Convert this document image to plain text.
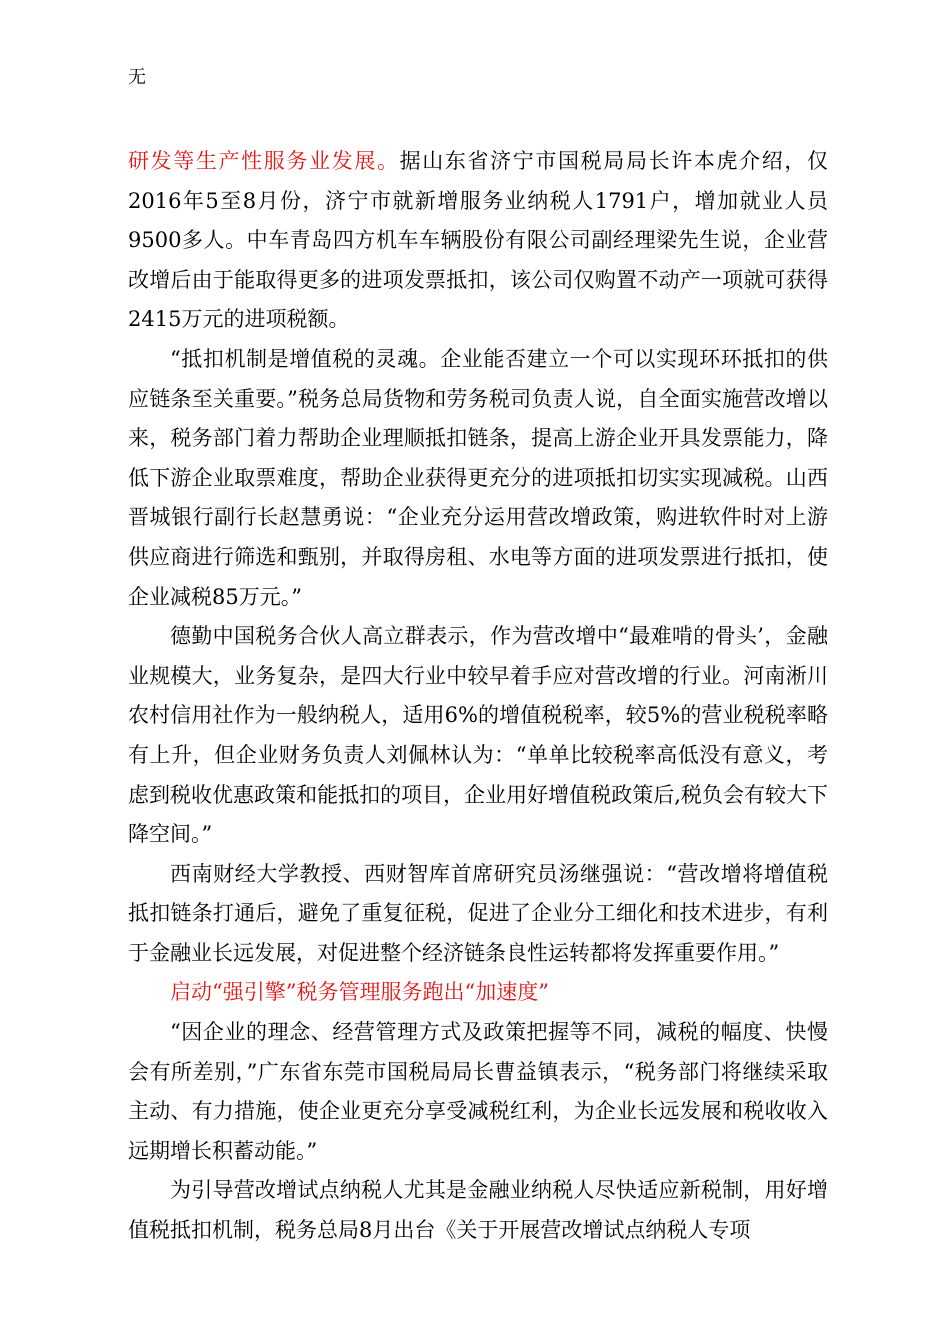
无

研发等生产性服务业发展。据山东省济宁市国税局局长许本虎介绍，仅2016年5至8月份，济宁市就新增服务业纳税人1791户，增加就业人员9500多人。中车青岛四方机车车辆股份有限公司副经理梁先生说，企业营改增后由于能取得更多的进项发票抵扣，该公司仅购置不动产一项就可获得2415万元的进项税额。

“抵扣机制是增值税的灵魂。企业能否建立一个可以实现环环抵扣的供应链条至关重要。”税务总局货物和劳务税司负责人说，自全面实施营改增以来，税务部门着力帮助企业理顺抵扣链条，提高上游企业开具发票能力，降低下游企业取票难度，帮助企业获得更充分的进项抵扣切实实现减税。山西晋城银行副行长赵慧勇说：“企业充分运用营改增政策，购进软件时对上游供应商进行筛选和甄别，并取得房租、水电等方面的进项发票进行抵扣，使企业减税85万元。”

德勤中国税务合伙人高立群表示，作为营改增中“最难啃的骨头’，金融业规模大，业务复杂，是四大行业中较早着手应对营改增的行业。河南淅川农村信用社作为一般纳税人，适用6%的增值税税率，较5%的营业税税率略有上升，但企业财务负责人刘佩林认为：“单单比较税率高低没有意义，考虑到税收优惠政策和能抵扣的项目，企业用好增值税政策后,税负会有较大下降空间。”

西南财经大学教授、西财智库首席研究员汤继强说：“营改增将增值税抵扣链条打通后，避免了重复征税，促进了企业分工细化和技术进步，有利于金融业长远发展，对促进整个经济链条良性运转都将发挥重要作用。”

启动“强引擎”税务管理服务跑出“加速度”

“因企业的理念、经营管理方式及政策把握等不同，减税的幅度、快慢会有所差别，”广东省东莞市国税局局长曹益镇表示，“税务部门将继续采取主动、有力措施，使企业更充分享受减税红利，为企业长远发展和税收收入远期增长积蓄动能。”

为引导营改增试点纳税人尤其是金融业纳税人尽快适应新税制，用好增值税抵扣机制，税务总局8月出台《关于开展营改增试点纳税人专项
